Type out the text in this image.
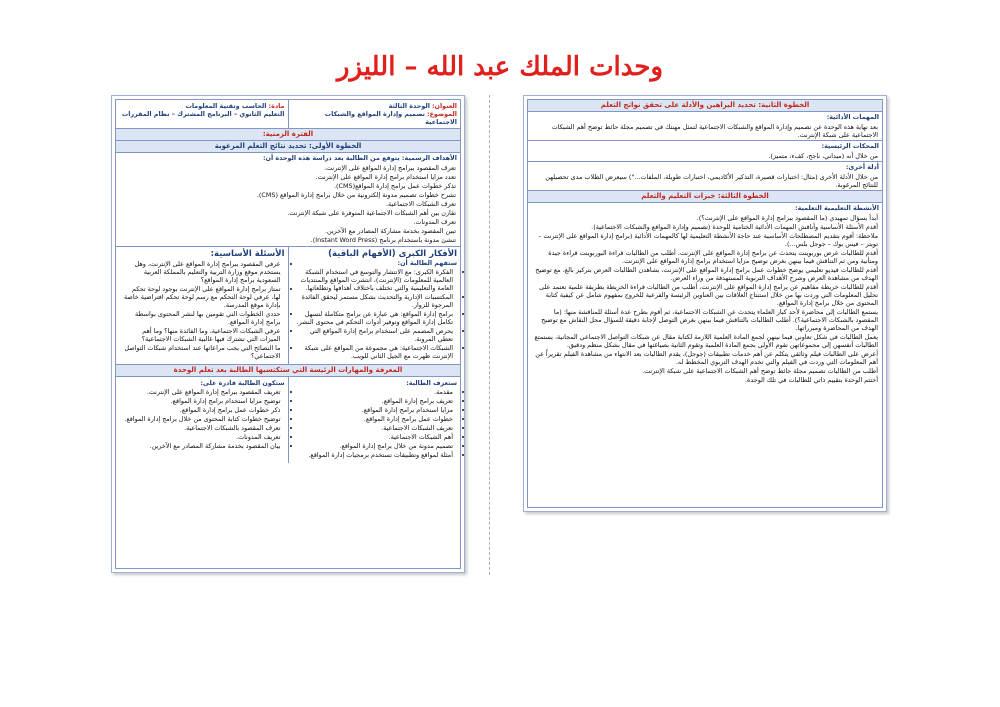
وحدات الملك عبد الله – الليزر
العنوان: الوحدة الثالثة
الموضوع: تصميم وإدارة المواقع والشبكات الاجتماعية
مادة: الحاسب وتقنية المعلومات
التعليم الثانوي – البرنامج المشترك – نظام المقررات
الفترة الزمنية:
الخطوة الأولى: تحديد نتائج التعلم المرغوبة
الأهداف الرسمية: يتوقع من الطالبة بعد دراسة هذه الوحدة أن:
• تعرف المقصود ببرامج إدارة المواقع على الإنترنت.
• تعدد مزايا استخدام برامج إدارة المواقع على الإنترنت.
• تذكر خطوات عمل برامج إدارة المواقع(CMS).
• تشرح خطوات تصميم مدونة إلكترونية من خلال برامج إدارة المواقع (CMS).
• تعرف الشبكات الاجتماعية.
• تقارن بين أهم الشبكات الاجتماعية المتوفرة على شبكة الإنترنت.
• تعرف المدونات.
• تبين المقصود بخدمة مشاركة المصادر مع الآخرين.
• تنشئ مدونة باستخدام برنامج (Instant Word Press).
الأفكار الكبرى (الأفهام الباقية)
ستفهم الطالبة أن:
• الفكرة الكبرى: مع الانتشار والتوسع في استخدام الشبكة العالمية للمعلومات (الإنترنت)، انتشرت المواقع والمنتديات العامة والتعليمية والتي تختلف باختلاف أهدافها وتطلعاتها.
• المكتسبات الإدارية والتحديث بشكل مستمر ليحقق الفائدة المرجوة للزوار.
• برامج إدارة المواقع: هي عبارة عن برامج متكاملة لتسهل تكامل إدارة المواقع وتوفير أدوات التحكم في محتوى النشر.
• يحرص المصمم على استخدام برامج إدارة المواقع التي تعطي المرونة.
• الشبكات الاجتماعية: هي مجموعة من المواقع على شبكة الإنترنت ظهرت مع الجيل الثاني للويب.
الأسئلة الأساسية:
• عرفي المقصود ببرامج إدارة المواقع على الإنترنت، وهل يستخدم موقع وزارة التربية والتعليم بالمملكة العربية السعودية برامج إدارة المواقع؟
• تمتاز برامج إدارة المواقع على الإنترنت بوجود لوحة تحكم لها، عرفي لوحة التحكم مع رسم لوحة تحكم افتراضية خاصة بإدارة موقع المدرسة.
• حددي الخطوات التي تقومين بها لنشر المحتوى بواسطة برامج إدارة المواقع.
• عرفي الشبكات الاجتماعية، وما الفائدة منها؟ وما أهم الميزات التي تشترك فيها غالبية الشبكات الاجتماعية؟
• ما النصائح التي يجب مراعاتها عند استخدام شبكات التواصل الاجتماعي؟
المعرفة والمهارات الرئيسة التي ستكتسبها الطالبة بعد تعلم الوحدة
ستعرف الطالبة:
• مقدمة.
• تعريف برامج إدارة المواقع.
• مزايا استخدام برامج إدارة المواقع.
• خطوات عمل برامج إدارة المواقع.
• تعريف الشبكات الاجتماعية.
• أهم الشبكات الاجتماعية.
• تصميم مدونة من خلال برامج إدارة المواقع.
• أمثلة لمواقع وتطبيقات تستخدم برمجيات إدارة المواقع.
ستكون الطالبة قادرة على:
• تعريف المقصود ببرامج إدارة المواقع على الإنترنت.
• توضيح مزايا استخدام برامج إدارة المواقع.
• ذكر خطوات عمل برامج إدارة المواقع.
• توضيح خطوات كتابة المحتوى من خلال برامج إدارة المواقع.
• تعرف المقصود بالشبكات الاجتماعية.
• تعريف المدونات.
• بيان المقصود بخدمة مشاركة المصادر مع الآخرين.
الخطوة الثانية: تحديد البراهين والأدلة على تحقق نواتج التعلم
المهمات الأدائية:
بعد نهاية هذه الوحدة عن تصميم وإدارة المواقع والشبكات الاجتماعية لتمثل مهنتك في تصميم مجلة حائط توضح أهم الشبكات الاجتماعية على شبكة الإنترنت.
المحكات الرئيسية:
من خلال أنه (ميداني، ناجح، كفء، متميز).
أدلة أخرى:
من خلال الأدلة الأخرى (مثال: اختبارات قصيرة، التذكير الأكاديمي، اختبارات طويلة، الملفات...") سيعرض الطلاب مدى تحصيلهن للنتائج المرغوبة.
الخطوة الثالثة: خبرات التعليم والتعلم
الأنشطة التعليمية التعلمية:
• أبدأ بسؤال تمهيدي (ما المقصود ببرامج إدارة المواقع على الإنترنت؟).
• أقدم الأسئلة الأساسية وأناقش المهمات الأدائية الختامية للوحدة (تصميم وإدارة المواقع والشبكات الاجتماعية).
• ملاحظة: أقوم بتقديم المصطلحات الأساسية عند حاجة الأنشطة التعليمية لها كالمهمات الأدائية (برامج إدارة المواقع على الإنترنت – تويتر – فيس بوك – جوجل بلس...).
• أقدم للطالبات عرض بوربوينت يتحدث عن برامج إدارة المواقع على الإنترنت. أطلب من الطالبات قراءة البوربوينت قراءة جيدة ومتأنية ومن ثم التناقش فيما بينهن بغرض توضيح مزايا استخدام برامج إدارة المواقع على الإنترنت.
• أقدم للطالبات فيديو تعليمي يوضح خطوات عمل برامج إدارة المواقع على الإنترنت، بشاهدن الطالبات العرض بتركيز بالغ، مع توضيح الهدف من مشاهدة العرض وشرح الأهداف التربوية المستهدفة من وراء العرض.
• أقدم للطالبات خريطة مفاهيم عن برامج إدارة المواقع على الإنترنت، أطلب من الطالبات قراءة الخريطة بطريقة علمية تعتمد على تحليل المعلومات التي وردت بها من خلال استنتاج العلاقات بين العناوين الرئيسة والفرعية للخروج بمفهوم شامل عن كيفية كتابة المحتوى من خلال برامج إدارة المواقع.
• يستمع الطالبات إلى محاضرة لأحد كبار العلماء يتحدث عن الشبكات الاجتماعية، ثم أقوم بطرح عدة أسئلة للمناقشة منها: (ما المقصود بالشبكات الاجتماعية؟). أطلب الطالبات بالتناقش فيما بينهن بغرض التوصل لإجابة دقيقة للسؤال محل النقاش مع توضيح الهدف من المحاضرة ومبرراتها.
• يعمل الطالبات في شكل تعاوني فيما بينهن لجمع المادة العلمية اللازمة لكتابة مقال عن شبكات التواصل الاجتماعي المجانية، يستمتع الطالبات أنفسهن إلى مجموعاتهن تقوم الأولى بجمع المادة العلمية وتقوم الثانية بصياغتها في مقال بشكل منظم ودقيق.
• أعرض على الطالبات فيلم وثائقي يتكلم عن أهم خدمات تطبيقات (جوجل)، يقدم الطالبات بعد الانتهاء من مشاهدة الفيلم تقريراً عن أهم المعلومات التي وردت في الفيلم والتي تخدم الهدف التربوي المخطط له.
• أطلب من الطالبات تصميم مجلة حائط توضح أهم الشبكات الاجتماعية على شبكة الإنترنت.
• أختتم الوحدة بتقييم ذاتي للطالبات في تلك الوحدة.
